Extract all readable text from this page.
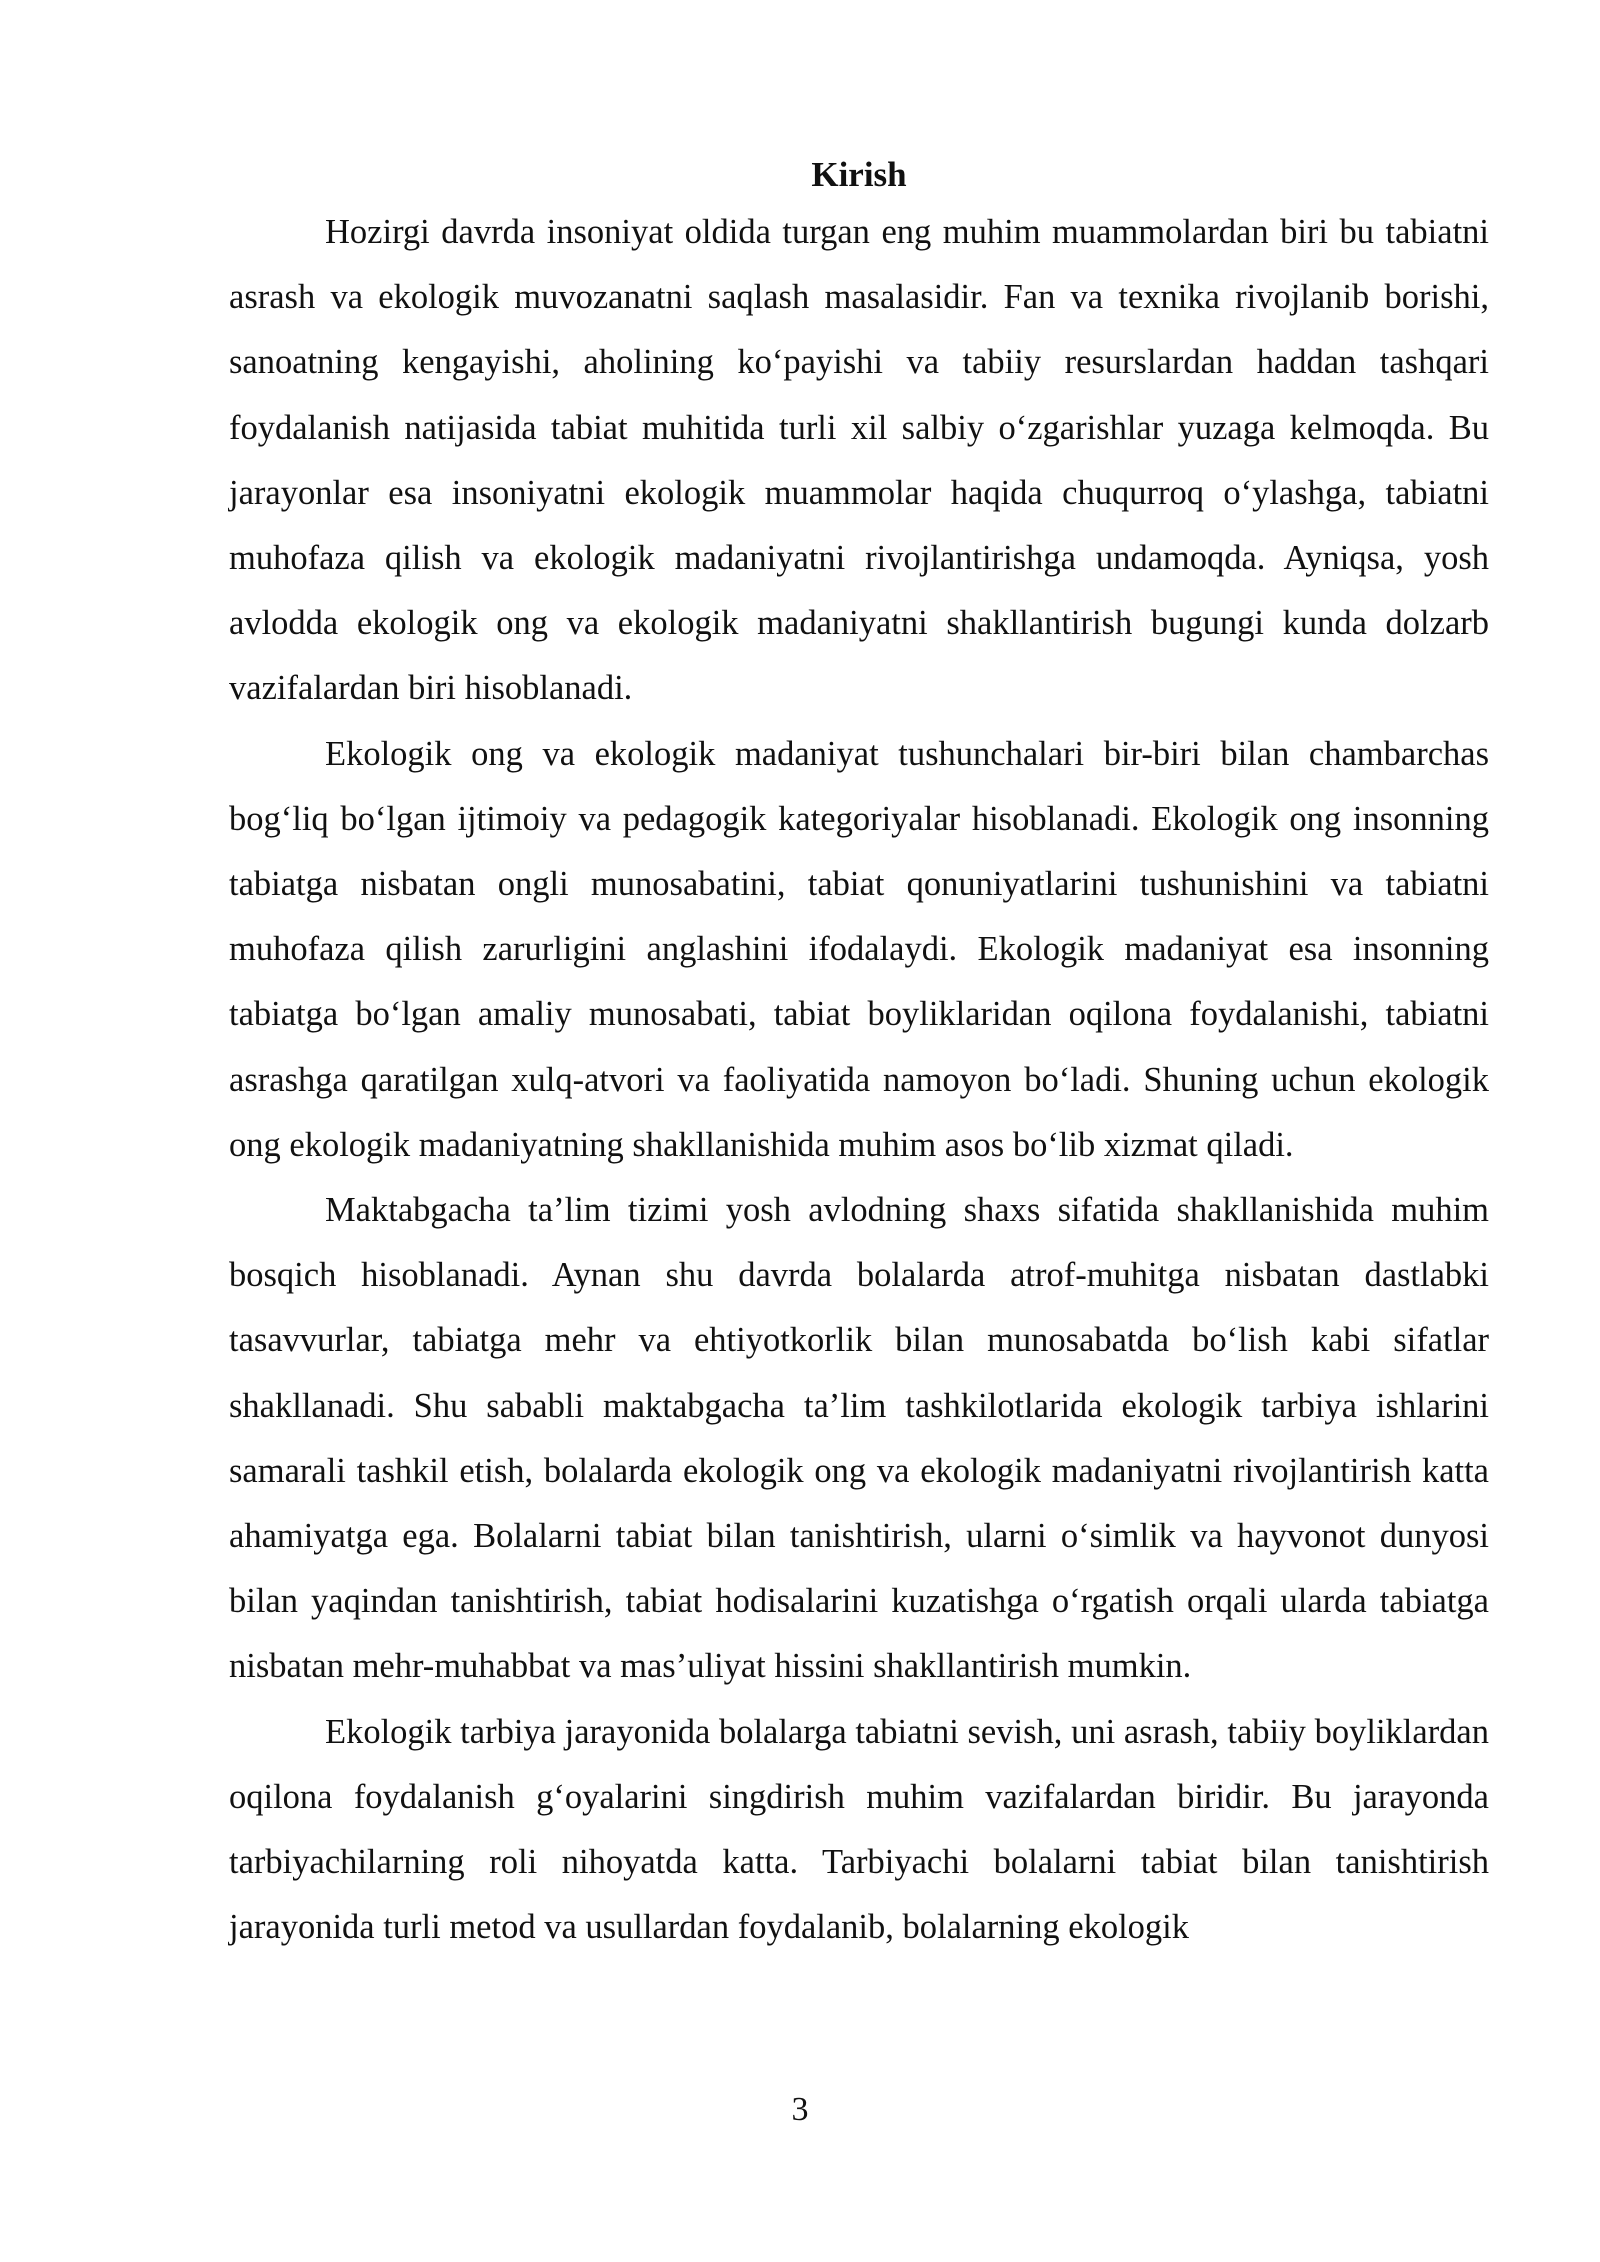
Kirish

Hozirgi davrda insoniyat oldida turgan eng muhim muammolardan biri bu tabiatni asrash va ekologik muvozanatni saqlash masalasidir. Fan va texnika rivojlanib borishi, sanoatning kengayishi, aholining ko‘payishi va tabiiy resurslardan haddan tashqari foydalanish natijasida tabiat muhitida turli xil salbiy o‘zgarishlar yuzaga kelmoqda. Bu jarayonlar esa insoniyatni ekologik muammolar haqida chuqurroq o‘ylashga, tabiatni muhofaza qilish va ekologik madaniyatni rivojlantirishga undamoqda. Ayniqsa, yosh avlodda ekologik ong va ekologik madaniyatni shakllantirish bugungi kunda dolzarb vazifalardan biri hisoblanadi.

Ekologik ong va ekologik madaniyat tushunchalari bir-biri bilan chambarchas bog‘liq bo‘lgan ijtimoiy va pedagogik kategoriyalar hisoblanadi. Ekologik ong insonning tabiatga nisbatan ongli munosabatini, tabiat qonuniyatlarini tushunishini va tabiatni muhofaza qilish zarurligini anglashini ifodalaydi. Ekologik madaniyat esa insonning tabiatga bo‘lgan amaliy munosabati, tabiat boyliklaridan oqilona foydalanishi, tabiatni asrashga qaratilgan xulq-atvori va faoliyatida namoyon bo‘ladi. Shuning uchun ekologik ong ekologik madaniyatning shakllanishida muhim asos bo‘lib xizmat qiladi.

Maktabgacha ta’lim tizimi yosh avlodning shaxs sifatida shakllanishida muhim bosqich hisoblanadi. Aynan shu davrda bolalarda atrof-muhitga nisbatan dastlabki tasavvurlar, tabiatga mehr va ehtiyotkorlik bilan munosabatda bo‘lish kabi sifatlar shakllanadi. Shu sababli maktabgacha ta’lim tashkilotlarida ekologik tarbiya ishlarini samarali tashkil etish, bolalarda ekologik ong va ekologik madaniyatni rivojlantirish katta ahamiyatga ega. Bolalarni tabiat bilan tanishtirish, ularni o‘simlik va hayvonot dunyosi bilan yaqindan tanishtirish, tabiat hodisalarini kuzatishga o‘rgatish orqali ularda tabiatga nisbatan mehr-muhabbat va mas’uliyat hissini shakllantirish mumkin.

Ekologik tarbiya jarayonida bolalarga tabiatni sevish, uni asrash, tabiiy boyliklardan oqilona foydalanish g‘oyalarini singdirish muhim vazifalardan biridir. Bu jarayonda tarbiyachilarning roli nihoyatda katta. Tarbiyachi bolalarni tabiat bilan tanishtirish jarayonida turli metod va usullardan foydalanib, bolalarning ekologik

3
